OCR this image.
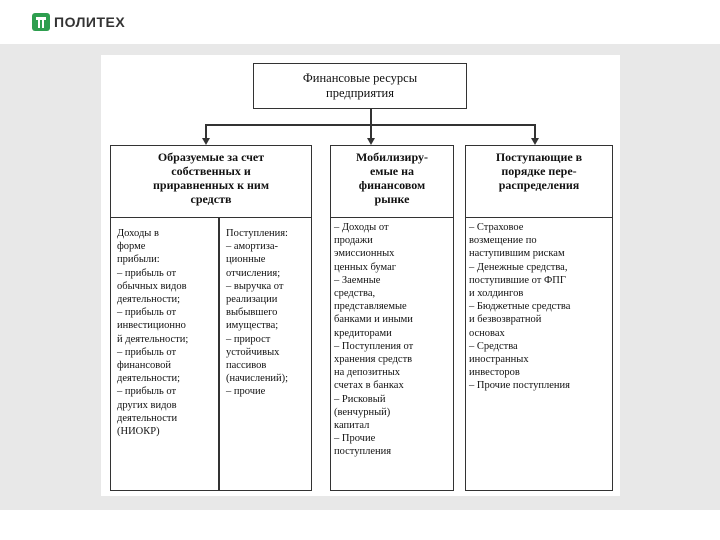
ПОЛИТЕХ

Финансовые ресурсы
предприятия

Образуемые за счет
собственных и
приравненных к ним
средств

Доходы в
форме
прибыли:
– прибыль от
обычных видов
деятельности;
– прибыль от
инвестиционно
й деятельности;
– прибыль от
финансовой
деятельности;
– прибыль от
других видов
деятельности
(НИОКР)

Поступления:
– амортиза-
ционные
отчисления;
– выручка от
реализации
выбывшего
имущества;
– прирост
устойчивых
пассивов
(начислений);
– прочие

Мобилизиру-
емые на
финансовом
рынке

– Доходы от
продажи
эмиссионных
ценных бумаг
– Заемные
средства,
представляемые
банками и иными
кредиторами
– Поступления от
хранения средств
на депозитных
счетах в банках
– Рисковый
(венчурный)
капитал
– Прочие
поступления

Поступающие в
порядке пере-
распределения

– Страховое
возмещение по
наступившим рискам
– Денежные средства,
поступившие от ФПГ
и холдингов
– Бюджетные средства
и безвозвратной
основах
– Средства
иностранных
инвесторов
– Прочие поступления
